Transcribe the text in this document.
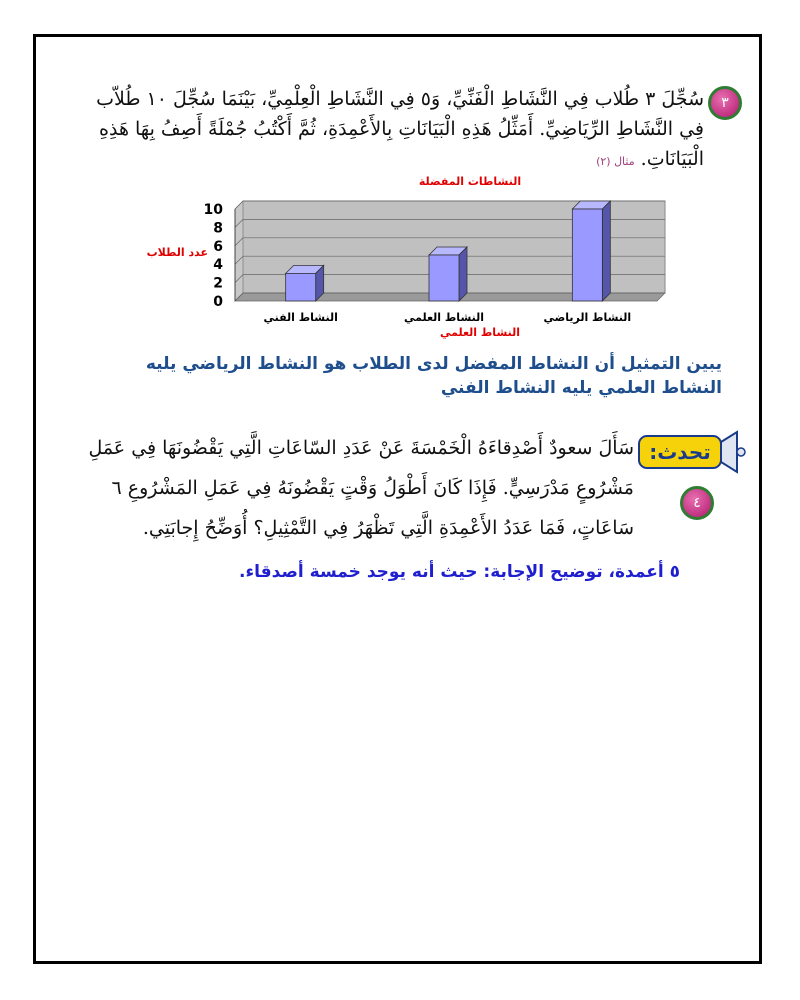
٣
سُجِّلَ ٣ طُلاب فِي النَّشَاطِ الْفَنِّيِّ، وَ٥ فِي النَّشَاطِ الْعِلْمِيِّ، بَيْنَمَا سُجِّلَ ١٠ طُلاّب فِي النَّشَاطِ الرِّيَاضِيِّ. أَمَثِّلُ هَذِهِ الْبَيَانَاتِ بِالأَعْمِدَةِ، ثُمَّ أَكْتُبُ جُمْلَةً أَصِفُ بِهَا هَذِهِ الْبَيَانَاتِ. مثال (٢)
النشاطات المفضلة
عدد الطلاب
النشاط العلمي
0
2
4
6
8
10
النشاط الفني	النشاط العلمي	النشاط الرياضي
يبين التمثيل أن النشاط المفضل لدى الطلاب هو النشاط الرياضي يليه النشاط العلمي يليه النشاط الفني
تحدث:
٤
سَأَلَ سعودٌ أَصْدِقاءَهُ الْخَمْسَةَ عَنْ عَدَدِ السّاعَاتِ الَّتِي يَقْضُونَهَا فِي عَمَلِ مَشْرُوعٍ مَدْرَسِيٍّ. فَإِذَا كَانَ أَطْوَلُ وَقْتٍ يَقْضُونَهُ فِي عَمَلِ المَشْرُوعِ ٦ سَاعَاتٍ، فَمَا عَدَدُ الأَعْمِدَةِ الَّتِي تَظْهَرُ فِي التَّمْثِيلِ؟ أُوَضِّحُ إِجابَتِي.
٥ أعمدة، توضيح الإجابة: حيث أنه يوجد خمسة أصدقاء.
